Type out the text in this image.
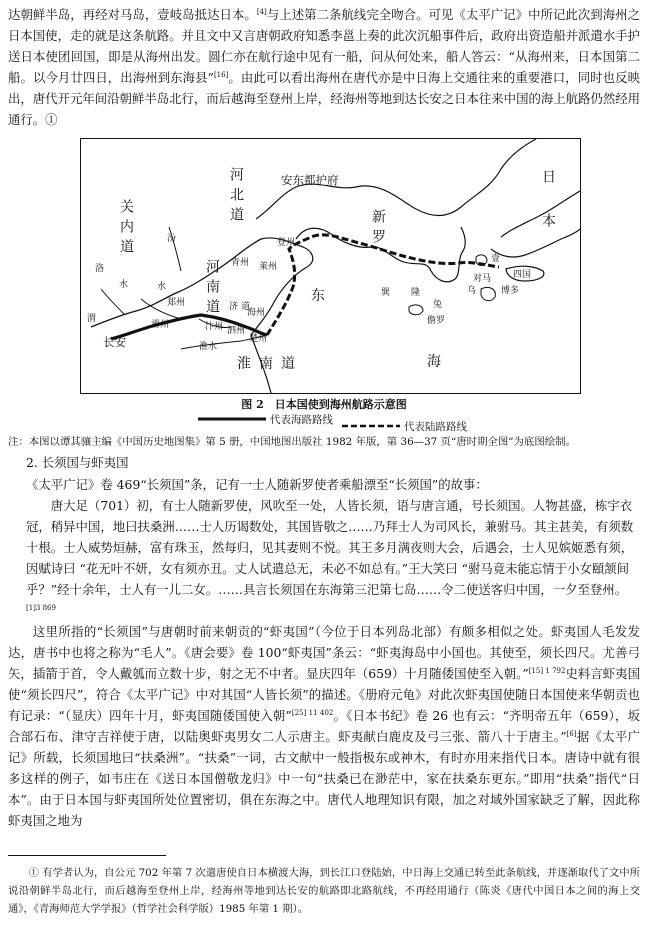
达朝鲜半岛，再经对马岛，壹岐岛抵达日本。[4]与上述第二条航线完全吻合。可见《太平广记》中所记此次到海州之日本国使，走的就是这条航路。并且文中又言唐朝政府知悉李邕上奏的此次沉船事件后，政府出资造船并派遣水手护送日本使团回国，即是从海州出发。圆仁亦在航行途中见有一船，问从何处来，船人答云：“从海州来，日本国第二船。以今月廿四日，出海州到东海县”[16]。由此可以看出海州在唐代亦是中日海上交通往来的重要港口，同时也反映出，唐代开元年间沿朝鲜半岛北行，而后越海至登州上岸，经海州等地到达长安之日本往来中国的海上航路仍然经用通行。①
安东都护府
关内道
河北道
河南道
淮南道
新罗	日本
东
海
汾
洛
水
渭
水
郑州
滑州
长安
济 道
汴州
淮水
泗州
海州
楚州
登州
青州 莱州
隆
巽
兔
乌
儋罗
壹
对马
博多
四国
图 2　日本国使到海州航路示意图
代表海路路线
代表陆路路线
注：本图以谭其骧主编《中国历史地图集》第 5 册，中国地图出版社 1982 年版，第 36—37 页“唐时期全图”为底图绘制。
2. 长须国与虾夷国
《太平广记》卷 469“长须国”条，记有一士人随新罗使者乘船漂至“长须国”的故事：
唐大足（701）初，有士人随新罗使，风吹至一处，人皆长须，语与唐言通，号长须国。人物甚盛，栋宇衣冠，稍异中国，地曰扶桑洲……士人历谒数处，其国皆敬之……乃拜士人为司风长，兼驸马。其主甚美，有须数十根。士人威势烜赫，富有珠玉，然每归，见其妻则不悦。其王多月满夜则大会，后遇会，士人见嫔姬悉有须，因赋诗曰 “花无叶不妍，女有须亦丑。丈人试遣总无，未必不如总有。”王大笑曰 “驸马竟未能忘情于小女頤颔间乎？”经十余年，士人有一儿二女。……具言长须国在东海第三汜第七岛……令二使送客归中国，一夕至登州。$^{[1]3 869}$
这里所指的“长须国”与唐朝时前来朝贡的“虾夷国”（今位于日本列岛北部）有颇多相似之处。虾夷国人毛发发达，唐书中也将之称为“毛人”。《唐会要》卷 100“虾夷国”条云：“虾夷海岛中小国也。其使至，须长四尺。尤善弓矢，插箭于首，令人戴瓠而立数十步，射之无不中者。显庆四年（659）十月随倭国使至入朝。”$^{[15] 1 792}$史料言虾夷国使“须长四尺”，符合《太平广记》中对其国“人皆长须”的描述。《册府元龟》对此次虾夷国使随日本国使来华朝贡也有记录：“（显庆）四年十月，虾夷国随倭国使入朝”$^{[25] 11 402}$。《日本书纪》卷 26 也有云：“齐明帝五年（659），坂合部石布、津守吉祥使于唐，以陆奥虾夷男女二人示唐主。虾夷献白鹿皮及弓三张、箭八十于唐主。”[6]据《太平广记》所载，长须国地曰“扶桑洲”。“扶桑”一词，古文献中一般指极东或神木，有时亦用来指代日本。唐诗中就有很多这样的例子，如韦庄在《送日本国僧敬龙归》中一句“扶桑已在渺茫中，家在扶桑东更东。”即用“扶桑”指代“日本”。由于日本国与虾夷国所处位置密切，俱在东海之中。唐代人地理知识有限，加之对域外国家缺乏了解，因此称虾夷国之地为
① 有学者认为，自公元 702 年第 7 次遣唐使自日本横渡大海，到长江口登陆始，中日海上交通已转至此条航线，并逐渐取代了文中所说沿朝鲜半岛北行，而后越海至登州上岸，经海州等地到达长安的航路即北路航线，不再经用通行（陈炎《唐代中国日本之间的海上交通》，《青海师范大学学报》（哲学社会科学版）1985 年第 1 期）。
